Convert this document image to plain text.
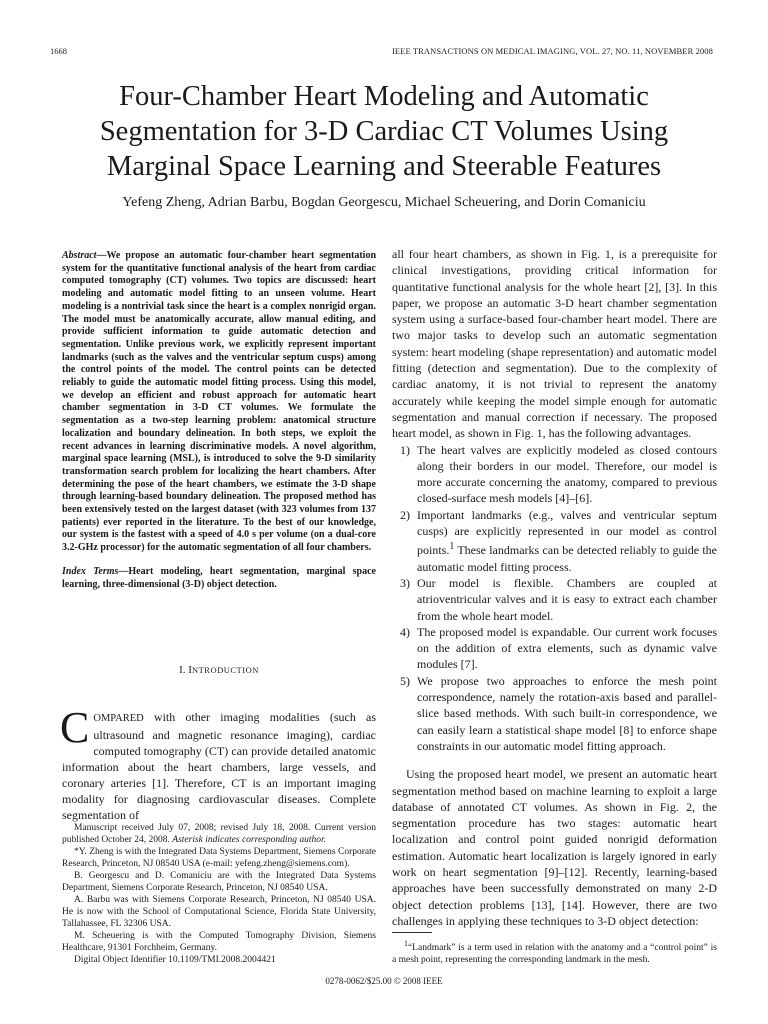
1668	IEEE TRANSACTIONS ON MEDICAL IMAGING, VOL. 27, NO. 11, NOVEMBER 2008
Four-Chamber Heart Modeling and Automatic
Segmentation for 3-D Cardiac CT Volumes Using
Marginal Space Learning and Steerable Features
Yefeng Zheng, Adrian Barbu, Bogdan Georgescu, Michael Scheuering, and Dorin Comaniciu

Abstract—We propose an automatic four-chamber heart segmentation system for the quantitative functional analysis of the heart from cardiac computed tomography (CT) volumes. Two topics are discussed: heart modeling and automatic model fitting to an unseen volume. Heart modeling is a nontrivial task since the heart is a complex nonrigid organ. The model must be anatomically accurate, allow manual editing, and provide sufficient information to guide automatic detection and segmentation. Unlike previous work, we explicitly represent important landmarks (such as the valves and the ventricular septum cusps) among the control points of the model. The control points can be detected reliably to guide the automatic model fitting process. Using this model, we develop an efficient and robust approach for automatic heart chamber segmentation in 3-D CT volumes. We formulate the segmentation as a two-step learning problem: anatomical structure localization and boundary delineation. In both steps, we exploit the recent advances in learning discriminative models. A novel algorithm, marginal space learning (MSL), is introduced to solve the 9-D similarity transformation search problem for localizing the heart chambers. After determining the pose of the heart chambers, we estimate the 3-D shape through learning-based boundary delineation. The proposed method has been extensively tested on the largest dataset (with 323 volumes from 137 patients) ever reported in the literature. To the best of our knowledge, our system is the fastest with a speed of 4.0 s per volume (on a dual-core 3.2-GHz processor) for the automatic segmentation of all four chambers.

Index Terms—Heart modeling, heart segmentation, marginal space learning, three-dimensional (3-D) object detection.

I. INTRODUCTION

COMPARED with other imaging modalities (such as ultrasound and magnetic resonance imaging), cardiac computed tomography (CT) can provide detailed anatomic information about the heart chambers, large vessels, and coronary arteries [1]. Therefore, CT is an important imaging modality for diagnosing cardiovascular diseases. Complete segmentation of

Manuscript received July 07, 2008; revised July 18, 2008. Current version published October 24, 2008. Asterisk indicates corresponding author.

*Y. Zheng is with the Integrated Data Systems Department, Siemens Corporate Research, Princeton, NJ 08540 USA (e-mail: yefeng.zheng@siemens.com).

B. Georgescu and D. Comaniciu are with the Integrated Data Systems Department, Siemens Corporate Research, Princeton, NJ 08540 USA.

A. Barbu was with Siemens Corporate Research, Princeton, NJ 08540 USA. He is now with the School of Computational Science, Florida State University, Tallahassee, FL 32306 USA.

M. Scheuering is with the Computed Tomography Division, Siemens Healthcare, 91301 Forchheim, Germany.

Digital Object Identifier 10.1109/TMI.2008.2004421

all four heart chambers, as shown in Fig. 1, is a prerequisite for clinical investigations, providing critical information for quantitative functional analysis for the whole heart [2], [3]. In this paper, we propose an automatic 3-D heart chamber segmentation system using a surface-based four-chamber heart model. There are two major tasks to develop such an automatic segmentation system: heart modeling (shape representation) and automatic model fitting (detection and segmentation). Due to the complexity of cardiac anatomy, it is not trivial to represent the anatomy accurately while keeping the model simple enough for automatic segmentation and manual correction if necessary. The proposed heart model, as shown in Fig. 1, has the following advantages.

1) The heart valves are explicitly modeled as closed contours along their borders in our model. Therefore, our model is more accurate concerning the anatomy, compared to previous closed-surface mesh models [4]–[6].
2) Important landmarks (e.g., valves and ventricular septum cusps) are explicitly represented in our model as control points.$^1$ These landmarks can be detected reliably to guide the automatic model fitting process.
3) Our model is flexible. Chambers are coupled at atrioventricular valves and it is easy to extract each chamber from the whole heart model.
4) The proposed model is expandable. Our current work focuses on the addition of extra elements, such as dynamic valve modules [7].
5) We propose two approaches to enforce the mesh point correspondence, namely the rotation-axis based and parallel-slice based methods. With such built-in correspondence, we can easily learn a statistical shape model [8] to enforce shape constraints in our automatic model fitting approach.

Using the proposed heart model, we present an automatic heart segmentation method based on machine learning to exploit a large database of annotated CT volumes. As shown in Fig. 2, the segmentation procedure has two stages: automatic heart localization and control point guided nonrigid deformation estimation. Automatic heart localization is largely ignored in early work on heart segmentation [9]–[12]. Recently, learning-based approaches have been successfully demonstrated on many 2-D object detection problems [13], [14]. However, there are two challenges in applying these techniques to 3-D object detection:

$^1$“Landmark” is a term used in relation with the anatomy and a “control point” is a mesh point, representing the corresponding landmark in the mesh.

0278-0062/$25.00 © 2008 IEEE
